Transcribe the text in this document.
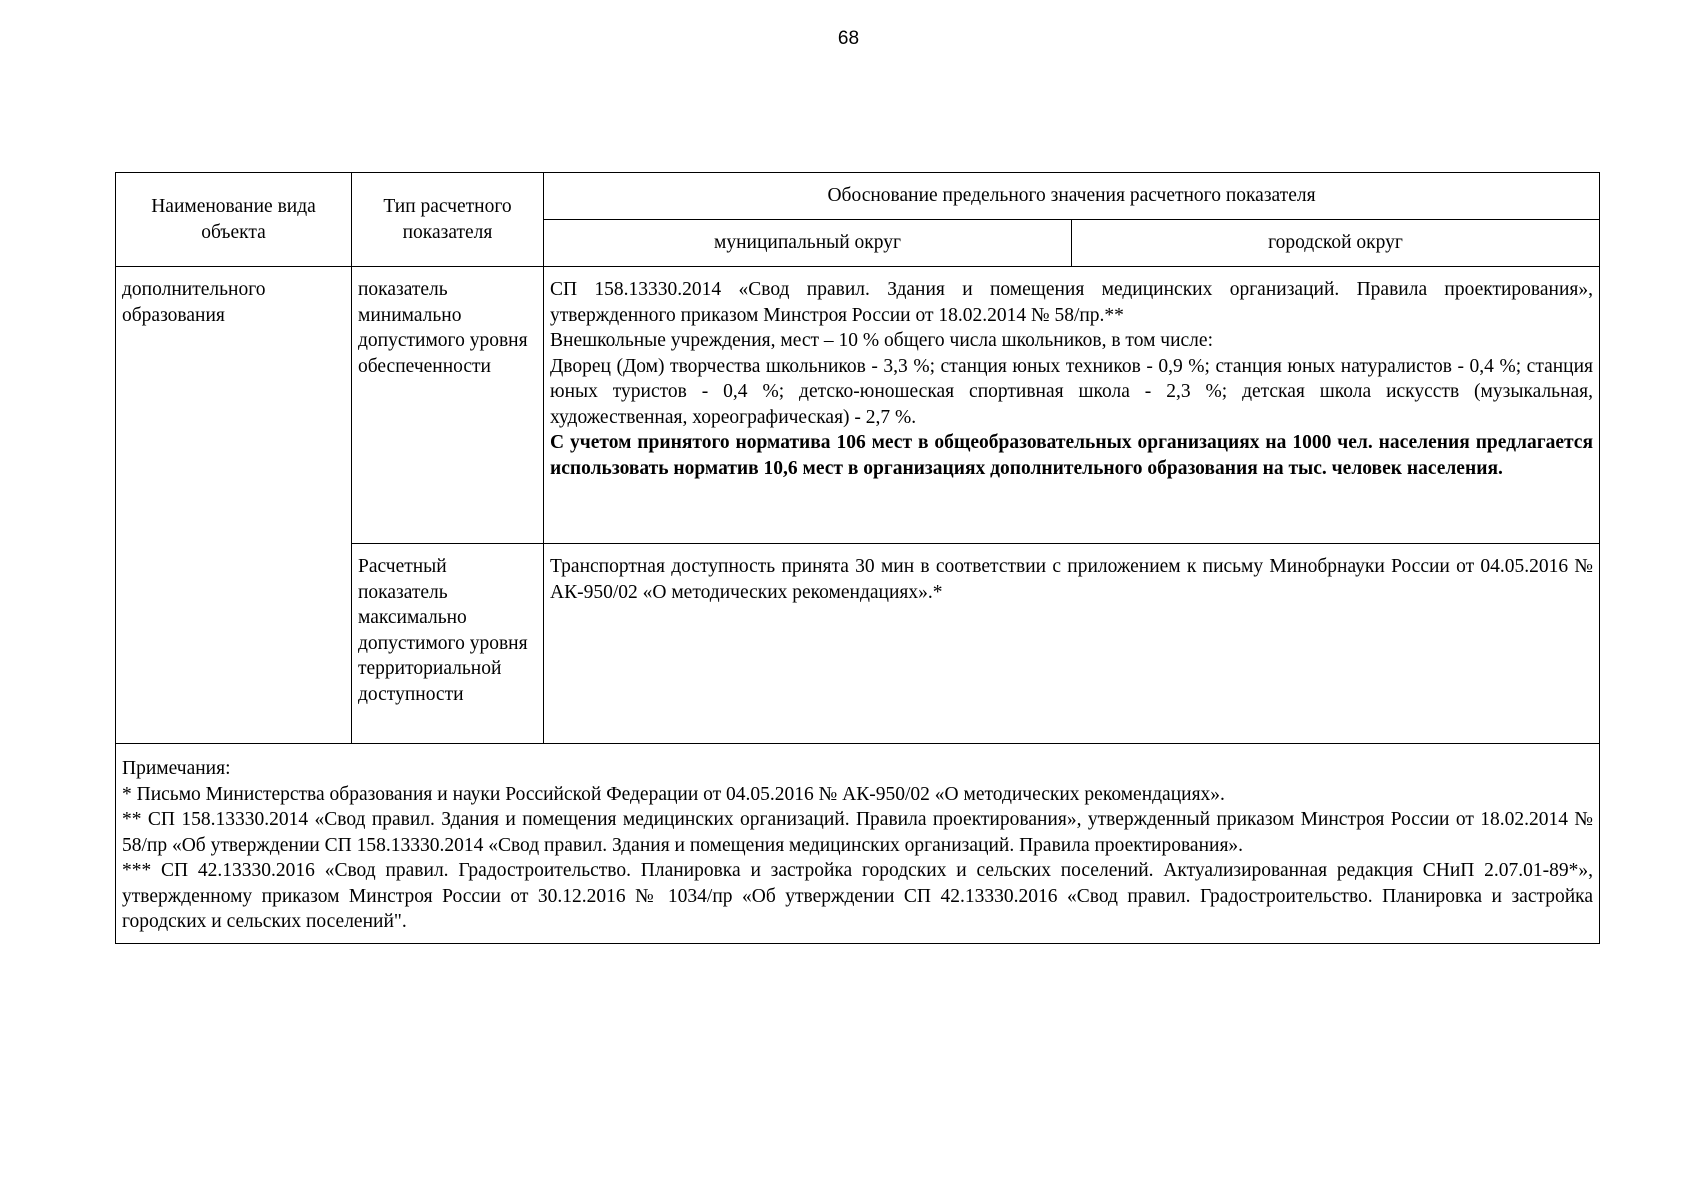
68
Наименование вида объекта	Тип расчетного показателя	Обоснование предельного значения расчетного показателя	
		муниципальный округ	городской округ
дополнительного образования	показатель минимально допустимого уровня обеспеченности	СП 158.13330.2014 «Свод правил. Здания и помещения медицинских организаций. Правила проектирования», утвержденного приказом Минстроя России от 18.02.2014 № 58/пр.**
Внешкольные учреждения, мест – 10 % общего числа школьников, в том числе:
Дворец (Дом) творчества школьников - 3,3 %; станция юных техников - 0,9 %; станция юных натуралистов - 0,4 %; станция юных туристов - 0,4 %; детско-юношеская спортивная школа - 2,3 %; детская школа искусств (музыкальная, художественная, хореографическая) - 2,7 %.
С учетом принятого норматива 106 мест в общеобразовательных организациях на 1000 чел. населения предлагается использовать норматив 10,6 мест в организациях дополнительного образования на тыс. человек населения.	

	Расчетный показатель максимально допустимого уровня территориальной доступности	Транспортная доступность принята 30 мин в соответствии с приложением к письму Минобрнауки России от 04.05.2016 № АК-950/02 «О методических рекомендациях».*	

Примечания:
* Письмо Министерства образования и науки Российской Федерации от 04.05.2016 № АК-950/02 «О методических рекомендациях».
** СП 158.13330.2014 «Свод правил. Здания и помещения медицинских организаций. Правила проектирования», утвержденный приказом Минстроя России от 18.02.2014 № 58/пр «Об утверждении СП 158.13330.2014 «Свод правил. Здания и помещения медицинских организаций. Правила проектирования».
*** СП 42.13330.2016 «Свод правил. Градостроительство. Планировка и застройка городских и сельских поселений. Актуализированная редакция СНиП 2.07.01-89*», утвержденному приказом Минстроя России от 30.12.2016 № 1034/пр «Об утверждении СП 42.13330.2016 «Свод правил. Градостроительство. Планировка и застройка городских и сельских поселений".			
